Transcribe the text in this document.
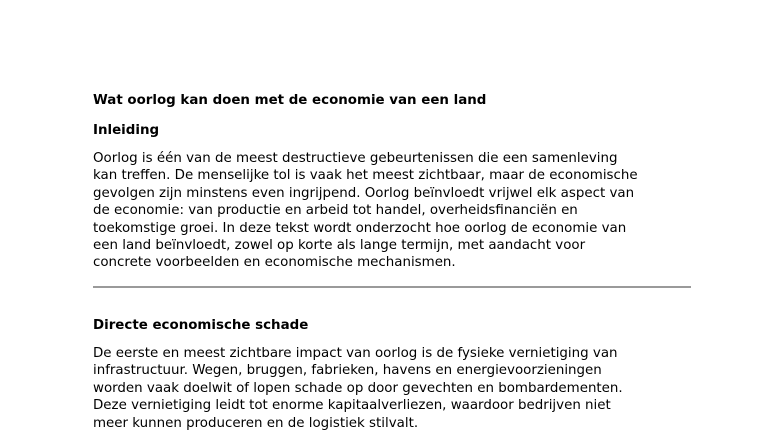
Wat oorlog kan doen met de economie van een land
Inleiding
Oorlog is één van de meest destructieve gebeurtenissen die een samenleving
kan treffen. De menselijke tol is vaak het meest zichtbaar, maar de economische
gevolgen zijn minstens even ingrijpend. Oorlog beïnvloedt vrijwel elk aspect van
de economie: van productie en arbeid tot handel, overheidsfinanciën en
toekomstige groei. In deze tekst wordt onderzocht hoe oorlog de economie van
een land beïnvloedt, zowel op korte als lange termijn, met aandacht voor
concrete voorbeelden en economische mechanismen.
Directe economische schade
De eerste en meest zichtbare impact van oorlog is de fysieke vernietiging van
infrastructuur. Wegen, bruggen, fabrieken, havens en energievoorzieningen
worden vaak doelwit of lopen schade op door gevechten en bombardementen.
Deze vernietiging leidt tot enorme kapitaalverliezen, waardoor bedrijven niet
meer kunnen produceren en de logistiek stilvalt.
